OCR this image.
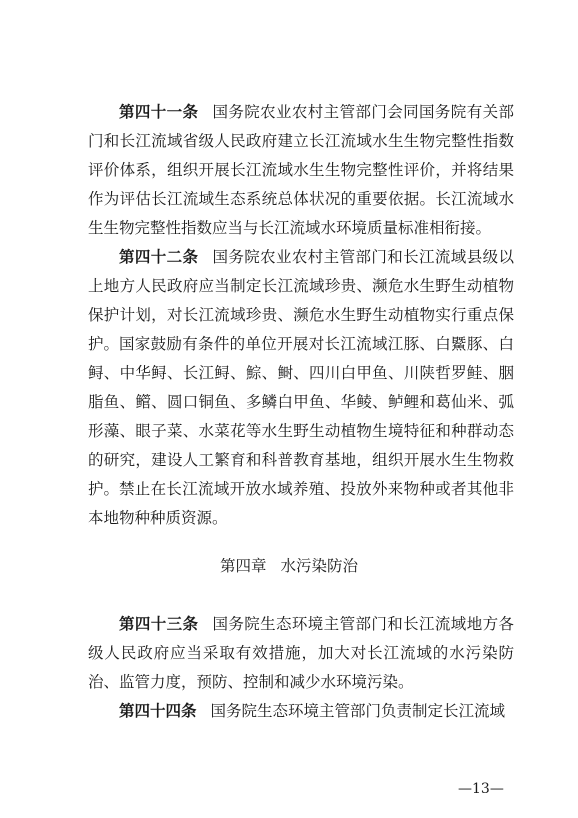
第四十一条 国务院农业农村主管部门会同国务院有关部门和长江流域省级人民政府建立长江流域水生生物完整性指数评价体系，组织开展长江流域水生生物完整性评价，并将结果作为评估长江流域生态系统总体状况的重要依据。长江流域水生生物完整性指数应当与长江流域水环境质量标准相衔接。

第四十二条 国务院农业农村主管部门和长江流域县级以上地方人民政府应当制定长江流域珍贵、濒危水生野生动植物保护计划，对长江流域珍贵、濒危水生野生动植物实行重点保护。 国家鼓励有条件的单位开展对长江流域江豚、白鱀豚、白鲟、中华鲟、长江鲟、鯮、鲥、四川白甲鱼、川陕哲罗鲑、胭脂鱼、鳤、圆口铜鱼、多鳞白甲鱼、华鲮、鲈鲤和葛仙米、弧形藻、眼子菜、水菜花等水生野生动植物生境特征和种群动态的研究，建设人工繁育和科普教育基地，组织开展水生生物救护。 禁止在长江流域开放水域养殖、投放外来物种或者其他非本地物种种质资源。

第四章 水污染防治

第四十三条 国务院生态环境主管部门和长江流域地方各级人民政府应当采取有效措施，加大对长江流域的水污染防治、监管力度，预防、控制和减少水环境污染。

第四十四条 国务院生态环境主管部门负责制定长江流域

—13—
